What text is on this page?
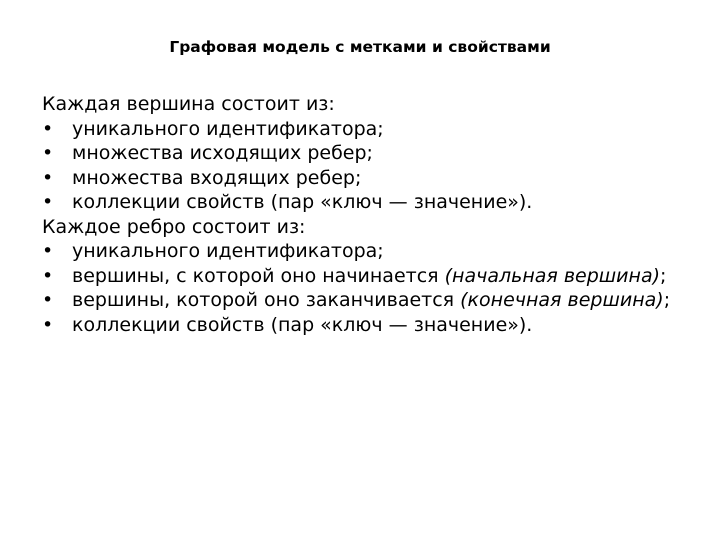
Графовая модель с метками и свойствами
Каждая вершина состоит из:
• уникального идентификатора;
• множества исходящих ребер;
• множества входящих ребер;
• коллекции свойств (пар «ключ — значение»).
Каждое ребро состоит из:
• уникального идентификатора;
• вершины, с которой оно начинается (начальная вершина);
• вершины, которой оно заканчивается (конечная вершина);
• коллекции свойств (пар «ключ — значение»).
